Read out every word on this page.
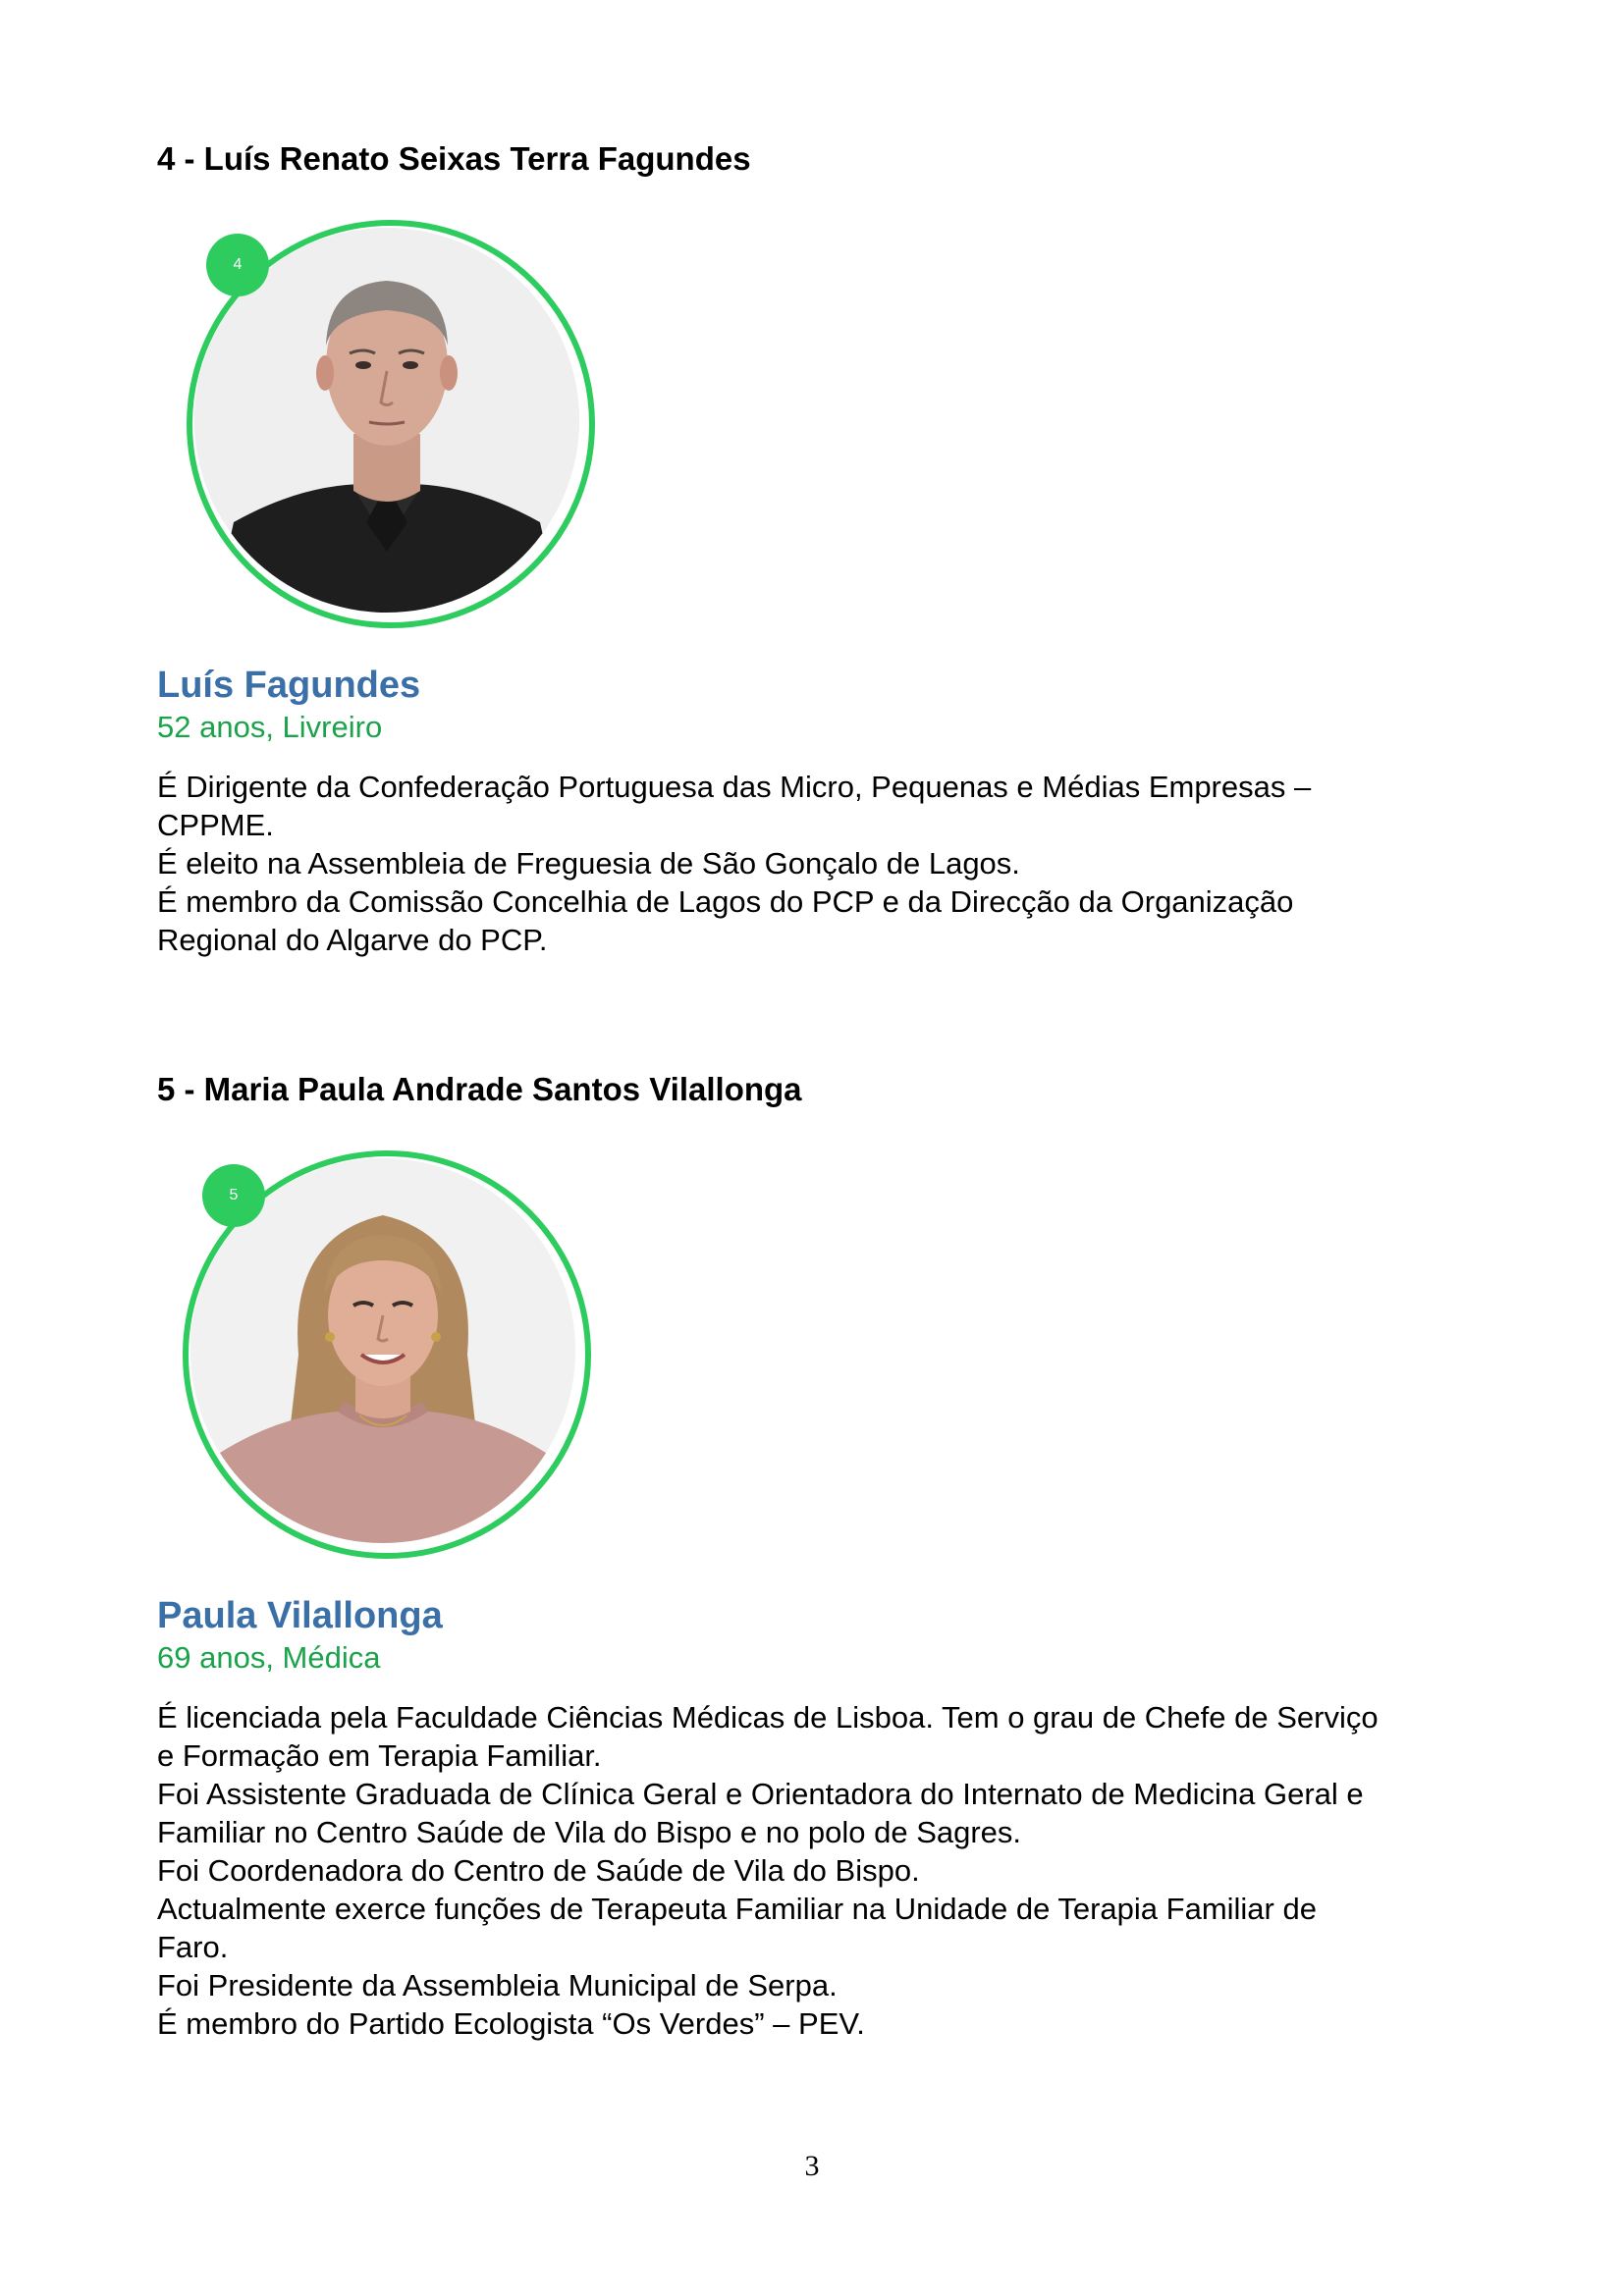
4 - Luís Renato Seixas Terra Fagundes
4
Luís Fagundes

52 anos, Livreiro

É Dirigente da Confederação Portuguesa das Micro, Pequenas e Médias Empresas –

CPPME.

É eleito na Assembleia de Freguesia de São Gonçalo de Lagos.

É membro da Comissão Concelhia de Lagos do PCP e da Direcção da Organização

Regional do Algarve do PCP.

5 - Maria Paula Andrade Santos Vilallonga
5
Paula Vilallonga

69 anos, Médica

É licenciada pela Faculdade Ciências Médicas de Lisboa. Tem o grau de Chefe de Serviço

e Formação em Terapia Familiar.

Foi Assistente Graduada de Clínica Geral e Orientadora do Internato de Medicina Geral e

Familiar no Centro Saúde de Vila do Bispo e no polo de Sagres.

Foi Coordenadora do Centro de Saúde de Vila do Bispo.

Actualmente exerce funções de Terapeuta Familiar na Unidade de Terapia Familiar de

Faro.

Foi Presidente da Assembleia Municipal de Serpa.

É membro do Partido Ecologista “Os Verdes” – PEV.

3
